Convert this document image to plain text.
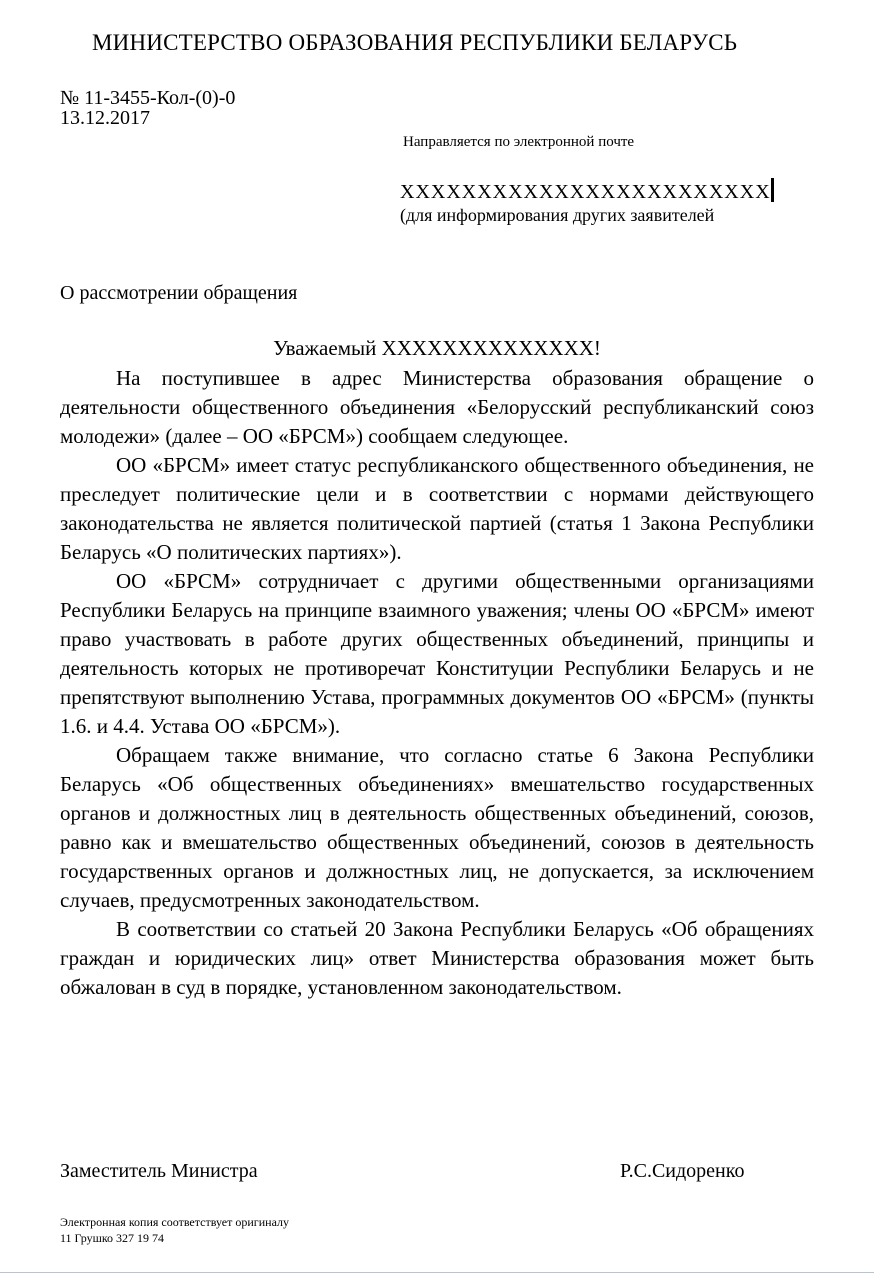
МИНИСТЕРСТВО ОБРАЗОВАНИЯ РЕСПУБЛИКИ БЕЛАРУСЬ
№ 11-3455-Кол-(0)-0
13.12.2017
Направляется по электронной почте
XXXXXXXXXXXXXXXXXXXXXXXX
(для информирования других заявителей
О рассмотрении обращения
Уважаемый XXXXXXXXXXXXXX!

На поступившее в адрес Министерства образования обращение о деятельности общественного объединения «Белорусский республиканский союз молодежи» (далее – ОО «БРСМ») сообщаем следующее.

ОО «БРСМ» имеет статус республиканского общественного объединения, не преследует политические цели и в соответствии с нормами действующего законодательства не является политической партией (статья 1 Закона Республики Беларусь «О политических партиях»).

ОО «БРСМ» сотрудничает с другими общественными организациями Республики Беларусь на принципе взаимного уважения; члены ОО «БРСМ» имеют право участвовать в работе других общественных объединений, принципы и деятельность которых не противоречат Конституции Республики Беларусь и не препятствуют выполнению Устава, программных документов ОО «БРСМ» (пункты 1.6. и 4.4. Устава ОО «БРСМ»).

Обращаем также внимание, что согласно статье 6 Закона Республики Беларусь «Об общественных объединениях» вмешательство государственных органов и должностных лиц в деятельность общественных объединений, союзов, равно как и вмешательство общественных объединений, союзов в деятельность государственных органов и должностных лиц, не допускается, за исключением случаев, предусмотренных законодательством.

В соответствии со статьей 20 Закона Республики Беларусь «Об обращениях граждан и юридических лиц» ответ Министерства образования может быть обжалован в суд в порядке, установленном законодательством.

Заместитель Министра	Р.С.Сидоренко
Электронная копия соответствует оригиналу
11 Грушко 327 19 74
